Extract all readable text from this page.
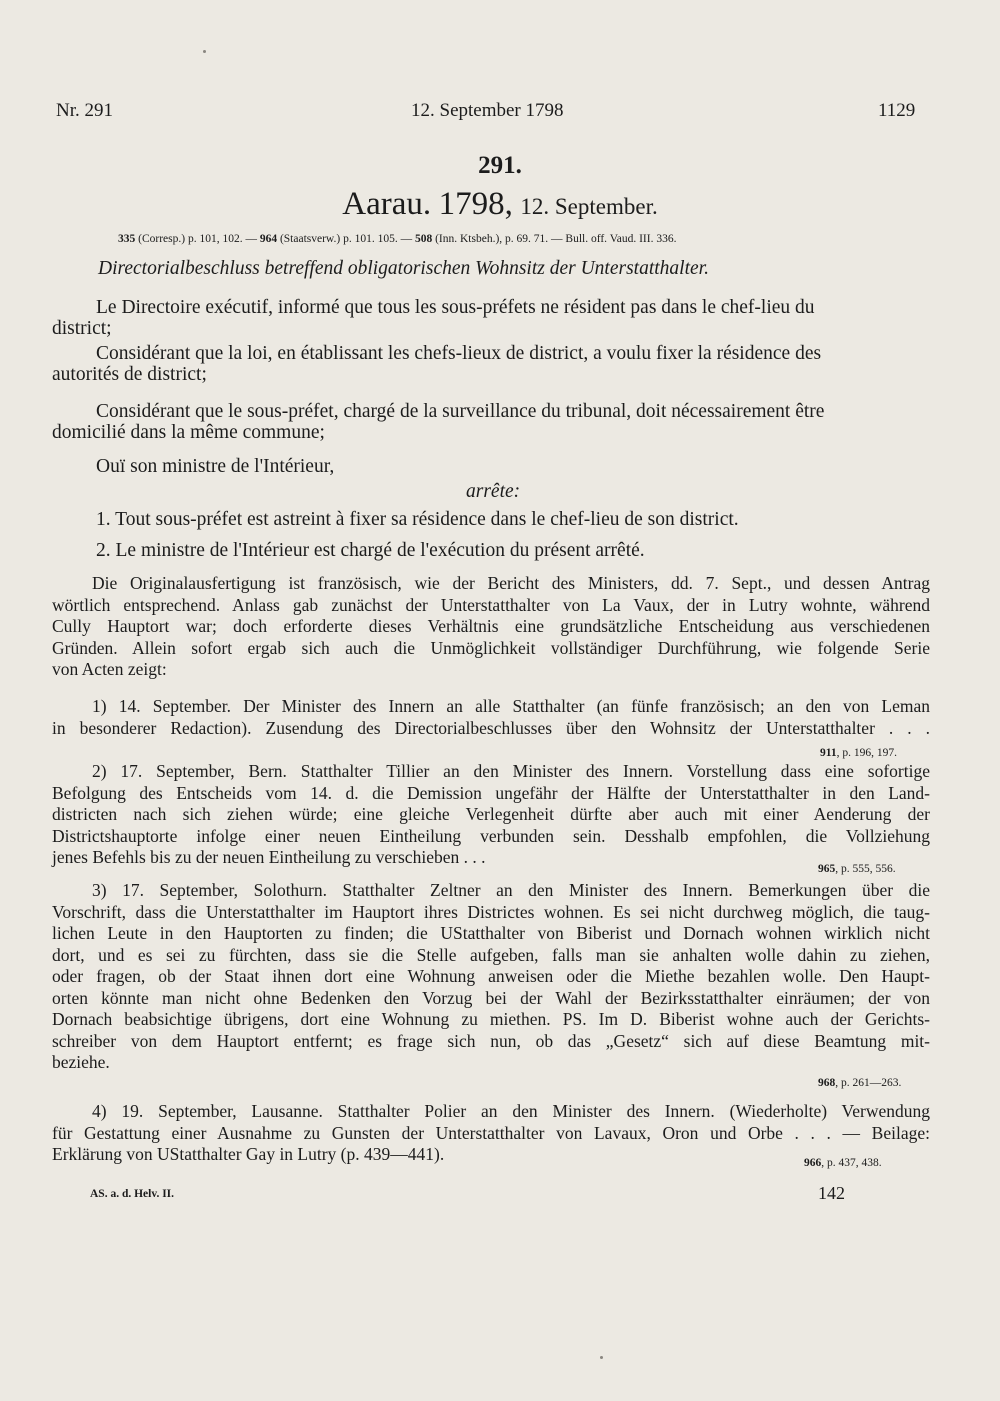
Nr. 291	12. September 1798	1129
291.
Aarau. 1798, 12. September.
335 (Corresp.) p. 101, 102. — 964 (Staatsverw.) p. 101. 105. — 508 (Inn. Ktsbeh.), p. 69. 71. — Bull. off. Vaud. III. 336.
Directorialbeschluss betreffend obligatorischen Wohnsitz der Unterstatthalter.
Le Directoire exécutif, informé que tous les sous-préfets ne résident pas dans le chef-lieu du
district;
Considérant que la loi, en établissant les chefs-lieux de district, a voulu fixer la résidence des
autorités de district;
Considérant que le sous-préfet, chargé de la surveillance du tribunal, doit nécessairement être
domicilié dans la même commune;
Ouï son ministre de l'Intérieur,
arrête:
1. Tout sous-préfet est astreint à fixer sa résidence dans le chef-lieu de son district.
2. Le ministre de l'Intérieur est chargé de l'exécution du présent arrêté.
Die Originalausfertigung ist französisch, wie der Bericht des Ministers, dd. 7. Sept., und dessen Antrag
wörtlich entsprechend. Anlass gab zunächst der Unterstatthalter von La Vaux, der in Lutry wohnte, während
Cully Hauptort war; doch erforderte dieses Verhältnis eine grundsätzliche Entscheidung aus verschiedenen
Gründen. Allein sofort ergab sich auch die Unmöglichkeit vollständiger Durchführung, wie folgende Serie
von Acten zeigt:
1) 14. September. Der Minister des Innern an alle Statthalter (an fünfe französisch; an den von Leman
in besonderer Redaction). Zusendung des Directorialbeschlusses über den Wohnsitz der Unterstatthalter . . .
911, p. 196, 197.
2) 17. September, Bern. Statthalter Tillier an den Minister des Innern. Vorstellung dass eine sofortige
Befolgung des Entscheids vom 14. d. die Demission ungefähr der Hälfte der Unterstatthalter in den Land-
districten nach sich ziehen würde; eine gleiche Verlegenheit dürfte aber auch mit einer Aenderung der
Districtshauptorte infolge einer neuen Eintheilung verbunden sein. Desshalb empfohlen, die Vollziehung
jenes Befehls bis zu der neuen Eintheilung zu verschieben . . .
965, p. 555, 556.
3) 17. September, Solothurn. Statthalter Zeltner an den Minister des Innern. Bemerkungen über die
Vorschrift, dass die Unterstatthalter im Hauptort ihres Districtes wohnen. Es sei nicht durchweg möglich, die taug-
lichen Leute in den Hauptorten zu finden; die UStatthalter von Biberist und Dornach wohnen wirklich nicht
dort, und es sei zu fürchten, dass sie die Stelle aufgeben, falls man sie anhalten wolle dahin zu ziehen,
oder fragen, ob der Staat ihnen dort eine Wohnung anweisen oder die Miethe bezahlen wolle. Den Haupt-
orten könnte man nicht ohne Bedenken den Vorzug bei der Wahl der Bezirksstatthalter einräumen; der von
Dornach beabsichtige übrigens, dort eine Wohnung zu miethen. PS. Im D. Biberist wohne auch der Gerichts-
schreiber von dem Hauptort entfernt; es frage sich nun, ob das „Gesetz“ sich auf diese Beamtung mit-
beziehe.
968, p. 261—263.
4) 19. September, Lausanne. Statthalter Polier an den Minister des Innern. (Wiederholte) Verwendung
für Gestattung einer Ausnahme zu Gunsten der Unterstatthalter von Lavaux, Oron und Orbe . . . — Beilage:
Erklärung von UStatthalter Gay in Lutry (p. 439—441).	966, p. 437, 438.
AS. a. d. Helv. II.	142
